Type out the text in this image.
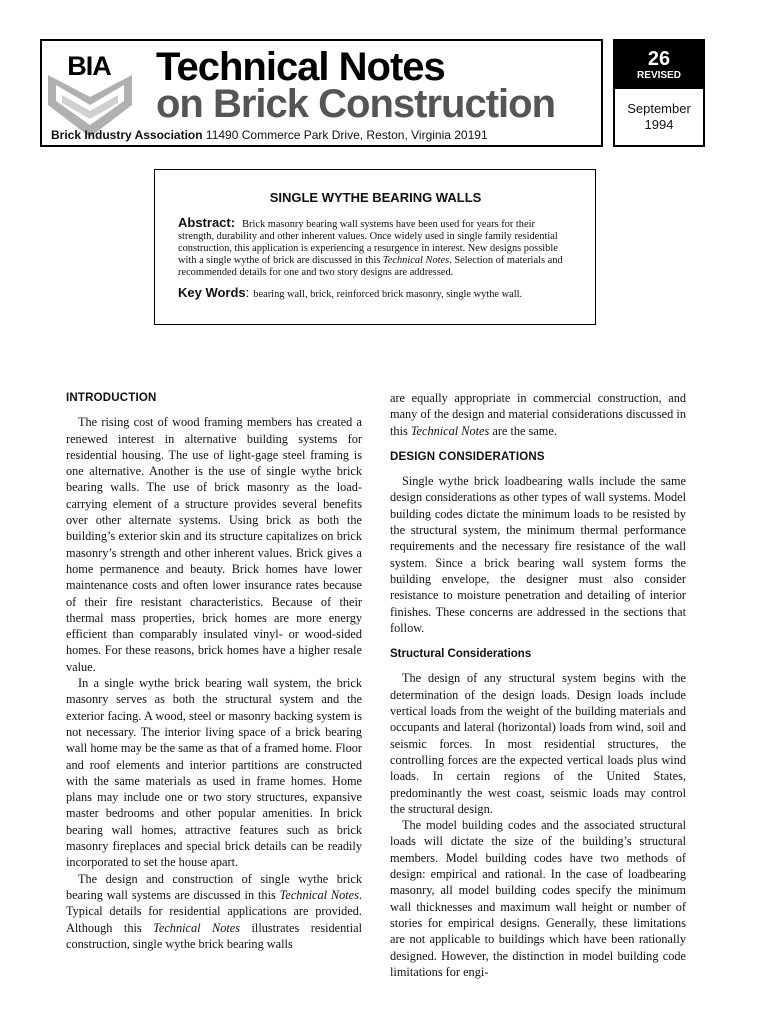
BIA Technical Notes
on Brick Construction
Brick Industry Association 11490 Commerce Park Drive, Reston, Virginia 20191
26
REVISED
September
1994
SINGLE WYTHE BEARING WALLS

Abstract: Brick masonry bearing wall systems have been used for years for their strength, durability and other inherent values. Once widely used in single family residential construction, this application is experiencing a resurgence in interest. New designs possible with a single wythe of brick are discussed in this Technical Notes. Selection of materials and recommended details for one and two story designs are addressed.

Key Words: bearing wall, brick, reinforced brick masonry, single wythe wall.

INTRODUCTION

The rising cost of wood framing members has created a renewed interest in alternative building systems for residential housing. The use of light-gage steel framing is one alternative. Another is the use of single wythe brick bearing walls. The use of brick masonry as the load-carrying element of a structure provides several benefits over other alternate systems. Using brick as both the building’s exterior skin and its structure capitalizes on brick masonry’s strength and other inherent values. Brick gives a home permanence and beauty. Brick homes have lower maintenance costs and often lower insurance rates because of their fire resistant characteristics. Because of their thermal mass properties, brick homes are more energy efficient than comparably insulated vinyl- or wood-sided homes. For these reasons, brick homes have a higher resale value.

In a single wythe brick bearing wall system, the brick masonry serves as both the structural system and the exterior facing. A wood, steel or masonry backing system is not necessary. The interior living space of a brick bearing wall home may be the same as that of a framed home. Floor and roof elements and interior partitions are constructed with the same materials as used in frame homes. Home plans may include one or two story structures, expansive master bedrooms and other popular amenities. In brick bearing wall homes, attractive features such as brick masonry fireplaces and special brick details can be readily incorporated to set the house apart.

The design and construction of single wythe brick bearing wall systems are discussed in this Technical Notes. Typical details for residential applications are provided. Although this Technical Notes illustrates residential construction, single wythe brick bearing walls

are equally appropriate in commercial construction, and many of the design and material considerations discussed in this Technical Notes are the same.

DESIGN CONSIDERATIONS

Single wythe brick loadbearing walls include the same design considerations as other types of wall systems. Model building codes dictate the minimum loads to be resisted by the structural system, the minimum thermal performance requirements and the necessary fire resistance of the wall system. Since a brick bearing wall system forms the building envelope, the designer must also consider resistance to moisture penetration and detailing of interior finishes. These concerns are addressed in the sections that follow.

Structural Considerations

The design of any structural system begins with the determination of the design loads. Design loads include vertical loads from the weight of the building materials and occupants and lateral (horizontal) loads from wind, soil and seismic forces. In most residential structures, the controlling forces are the expected vertical loads plus wind loads. In certain regions of the United States, predominantly the west coast, seismic loads may control the structural design.

The model building codes and the associated structural loads will dictate the size of the building’s structural members. Model building codes have two methods of design: empirical and rational. In the case of loadbearing masonry, all model building codes specify the minimum wall thicknesses and maximum wall height or number of stories for empirical designs. Generally, these limitations are not applicable to buildings which have been rationally designed. However, the distinction in model building code limitations for engi-
